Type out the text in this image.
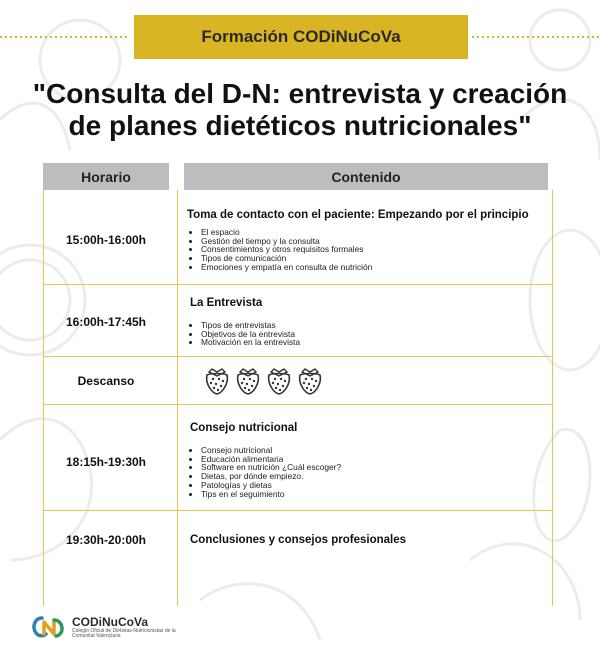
Formación CODiNuCoVa
"Consulta del D-N: entrevista y creación
de planes dietéticos nutricionales"
Horario	Contenido
15:00h-16:00h
Toma de contacto con el paciente: Empezando por el principio
• El espacio
• Gestión del tiempo y la consulta
• Consentimientos y otros requisitos formales
• Tipos de comunicación
• Emociones y empatía en consulta de nutrición
16:00h-17:45h
La Entrevista
• Tipos de entrevistas
• Objetivos de la entrevista
• Motivación en la entrevista
Descanso
18:15h-19:30h
Consejo nutricional
• Consejo nutricional
• Educación alimentaria
• Software en nutrición ¿Cuál escoger?
• Dietas, por dónde empiezo.
• Patologías y dietas
• Tips en el seguimiento
19:30h-20:00h	Conclusiones y consejos profesionales
CODiNuCoVa
Colegio Oficial de Dietistas-Nutricionistas de la Comunitat Valenciana
